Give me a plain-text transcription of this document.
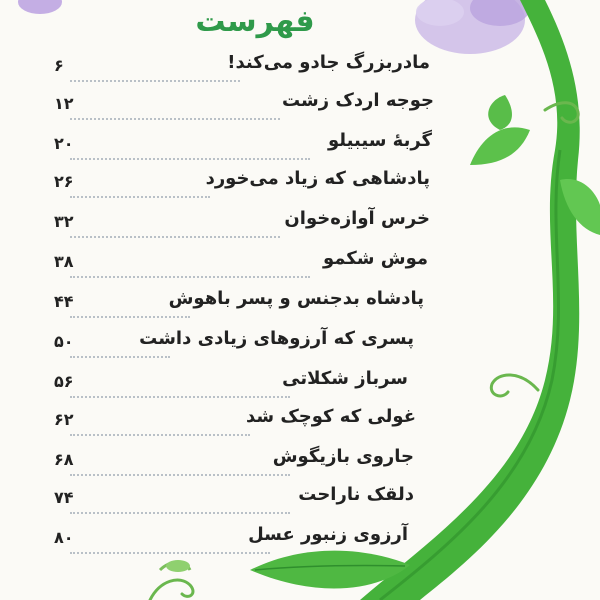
فهرست
۶	مادربزرگ جادو می‌کند!
۱۲	جوجه اردک زشت
۲۰	گربهٔ سیبیلو
۲۶	پادشاهی که زیاد می‌خورد
۳۲	خرس آوازه‌خوان
۳۸	موش شکمو
۴۴	پادشاه بدجنس و پسر باهوش
۵۰	پسری که آرزوهای زیادی داشت
۵۶	سرباز شکلاتی
۶۲	غولی که کوچک شد
۶۸	جاروی بازیگوش
۷۴	دلقک ناراحت
۸۰	آرزوی زنبور عسل
